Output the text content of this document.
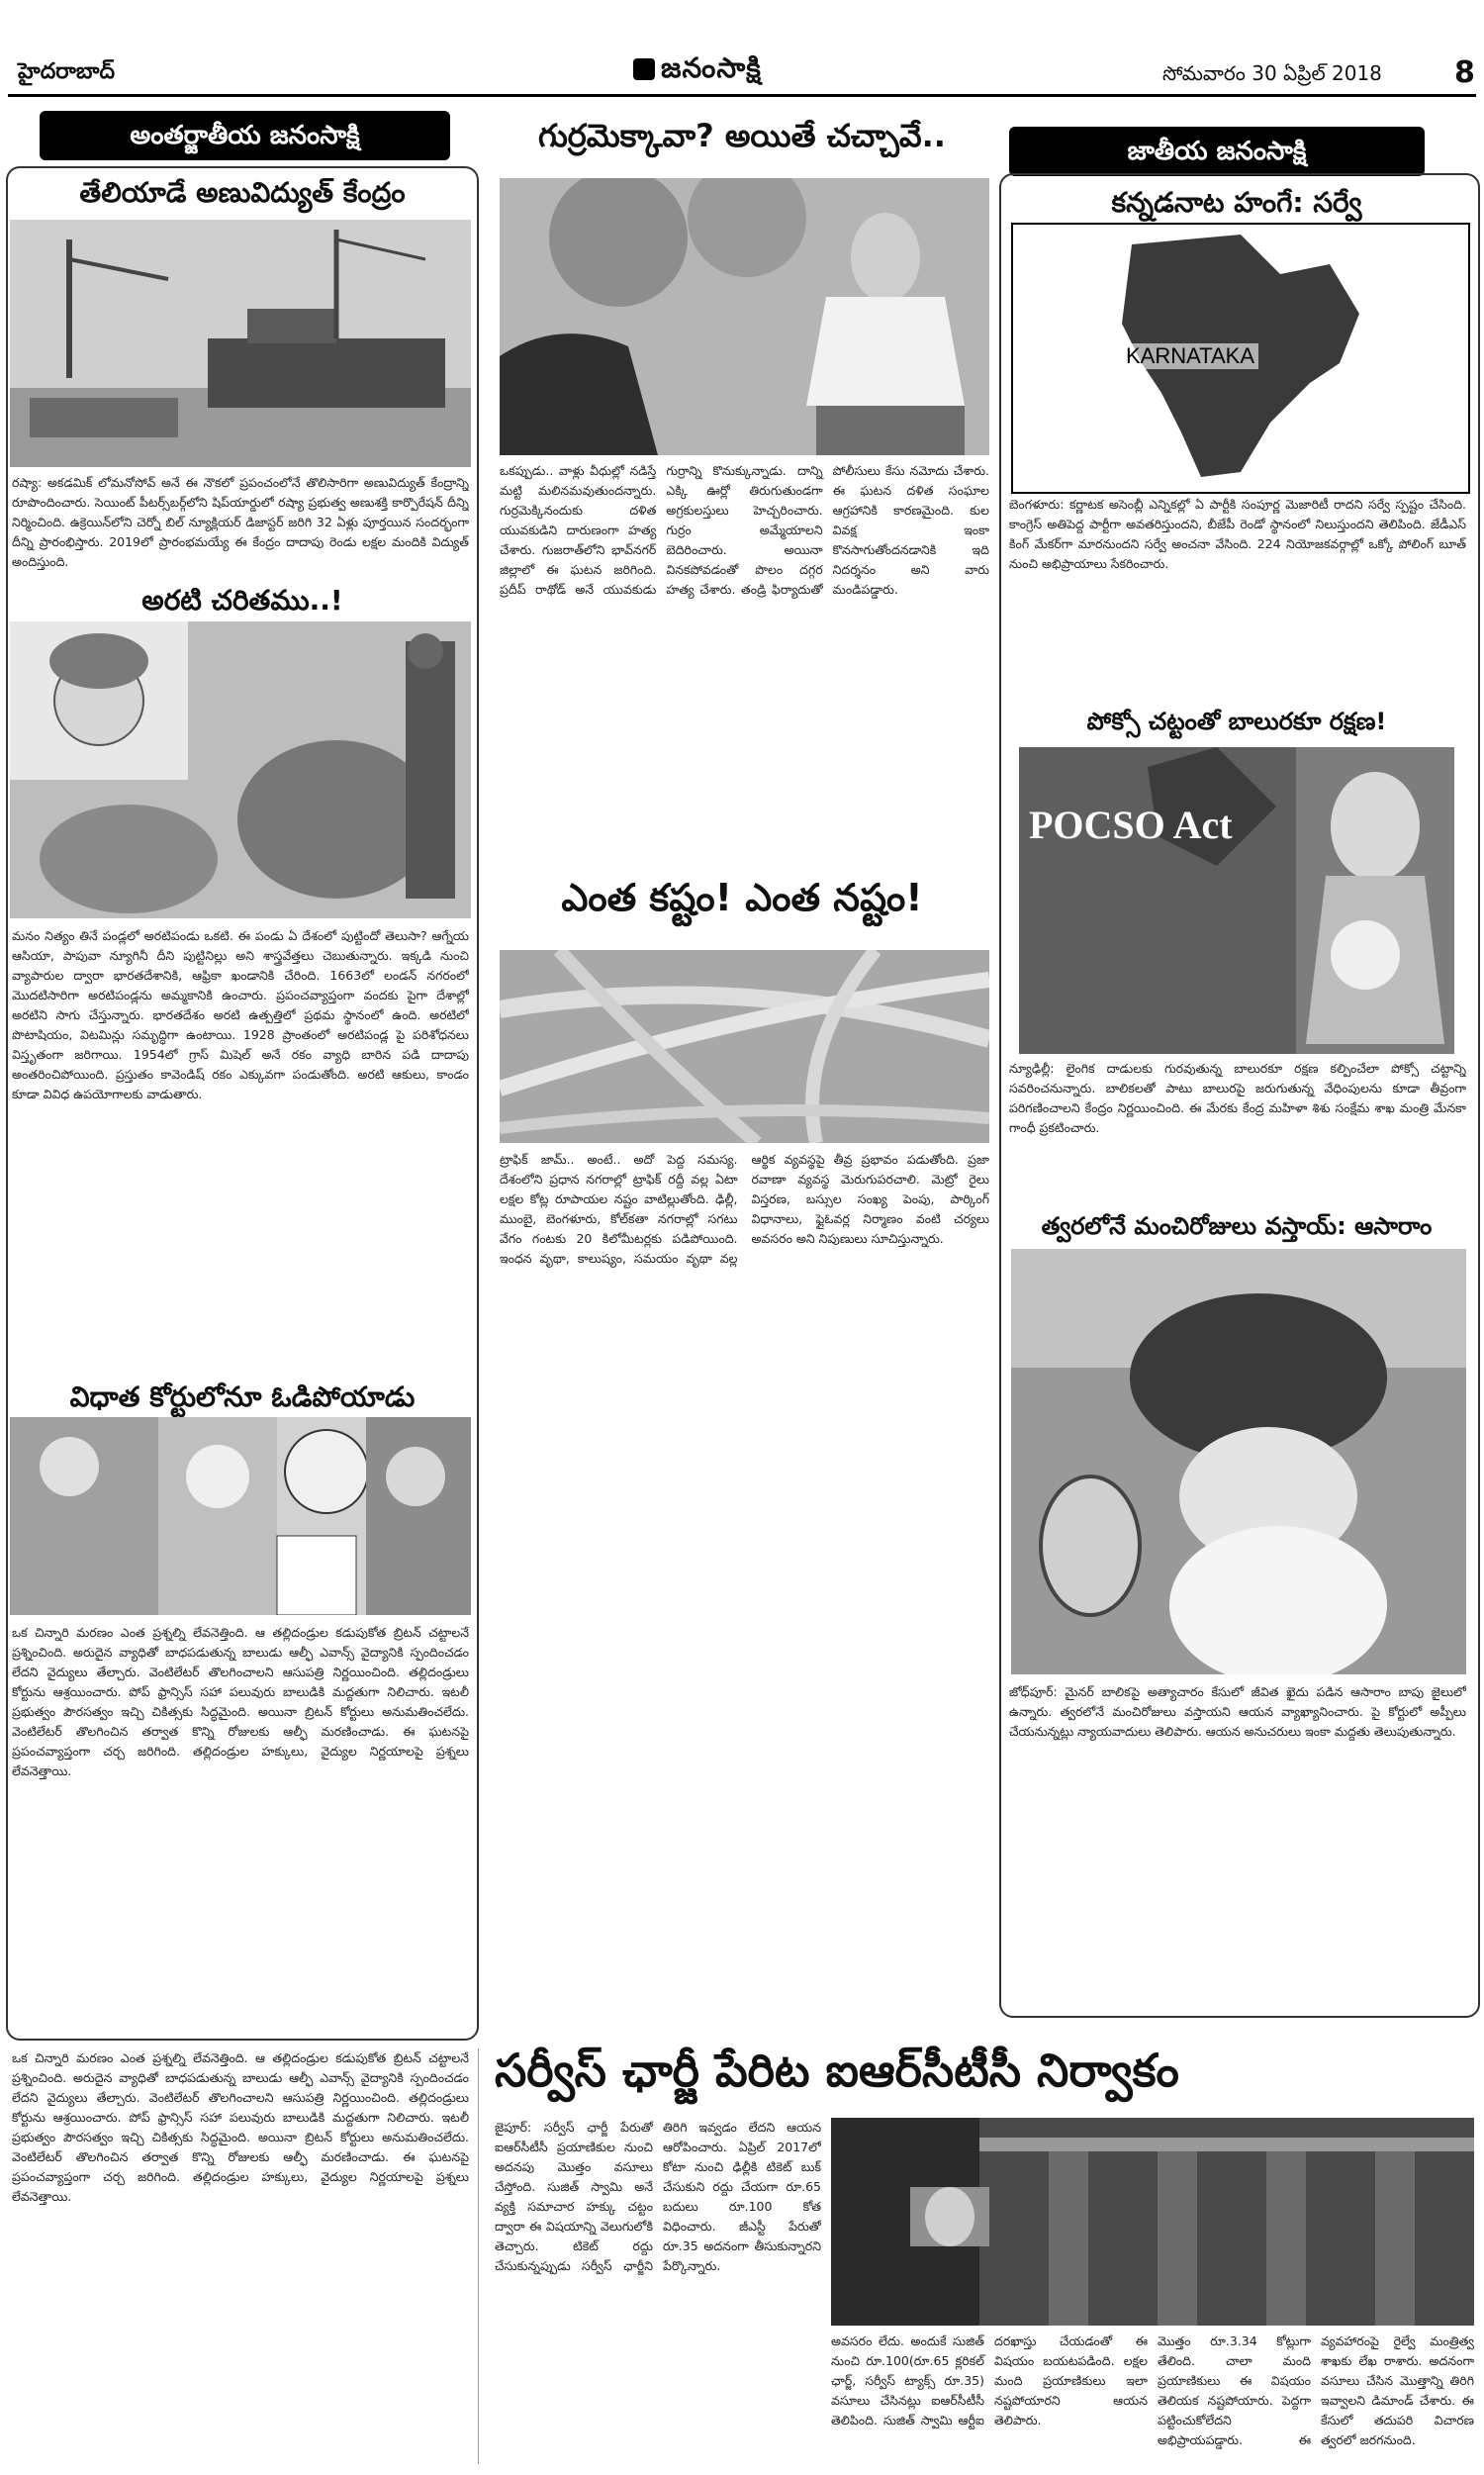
హైదరాబాద్	జనంసాక్షి	సోమవారం 30 ఏప్రిల్ 2018 8
అంతర్జాతీయ జనంసాక్షి
తేలియాడే అణువిద్యుత్ కేంద్రం
రష్యా: అకడమిక్ లోమనోసోవ్ అనే ఈ నౌకలో ప్రపంచంలోనే తొలిసారిగా అణువిద్యుత్ కేంద్రాన్ని రూపొందించారు. సెయింట్ పీటర్స్‌బర్గ్‌లోని షిప్‌యార్డులో రష్యా ప్రభుత్వ అణుశక్తి కార్పొరేషన్ దీన్ని నిర్మించింది. ఉక్రెయిన్‌లోని చెర్నో బిల్ న్యూక్లియర్ డిజాస్టర్ జరిగి 32 ఏళ్లు పూర్తయిన సందర్భంగా దీన్ని ప్రారంభిస్తారు. 2019లో ప్రారంభమయ్యే ఈ కేంద్రం దాదాపు రెండు లక్షల మందికి విద్యుత్ అందిస్తుంది.
అరటి చరితము..!
మనం నిత్యం తినే పండ్లలో అరటిపండు ఒకటి. ఈ పండు ఏ దేశంలో పుట్టిందో తెలుసా? ఆగ్నేయ ఆసియా, పాపువా న్యూగినీ దీని పుట్టినిల్లు అని శాస్త్రవేత్తలు చెబుతున్నారు. ఇక్కడి నుంచి వ్యాపారుల ద్వారా భారతదేశానికి, ఆఫ్రికా ఖండానికి చేరింది. 1663లో లండన్ నగరంలో మొదటిసారిగా అరటిపండ్లను అమ్మకానికి ఉంచారు. ప్రపంచవ్యాప్తంగా వందకు పైగా దేశాల్లో అరటిని సాగు చేస్తున్నారు. భారతదేశం అరటి ఉత్పత్తిలో ప్రథమ స్థానంలో ఉంది. అరటిలో పొటాషియం, విటమిన్లు సమృద్ధిగా ఉంటాయి. 1928 ప్రాంతంలో అరటిపండ్ల పై పరిశోధనలు విస్తృతంగా జరిగాయి. 1954లో గ్రాస్ మిషెల్ అనే రకం వ్యాధి బారిన పడి దాదాపు అంతరించిపోయింది. ప్రస్తుతం కావెండిష్ రకం ఎక్కువగా పండుతోంది. అరటి ఆకులు, కాండం కూడా వివిధ ఉపయోగాలకు వాడుతారు.
విధాత కోర్టులోనూ ఓడిపోయాడు
ఒక చిన్నారి మరణం ఎంత ప్రశ్నల్ని లేవనెత్తింది. ఆ తల్లిదండ్రుల కడుపుకోత బ్రిటన్ చట్టాలనే ప్రశ్నించింది. అరుదైన వ్యాధితో బాధపడుతున్న బాలుడు ఆల్ఫీ ఎవాన్స్ వైద్యానికి స్పందించడం లేదని వైద్యులు తేల్చారు. వెంటిలేటర్ తొలగించాలని ఆసుపత్రి నిర్ణయించింది. తల్లిదండ్రులు కోర్టును ఆశ్రయించారు. పోప్ ఫ్రాన్సిస్ సహా పలువురు బాలుడికి మద్దతుగా నిలిచారు. ఇటలీ ప్రభుత్వం పౌరసత్వం ఇచ్చి చికిత్సకు సిద్ధమైంది. అయినా బ్రిటన్ కోర్టులు అనుమతించలేదు. వెంటిలేటర్ తొలగించిన తర్వాత కొన్ని రోజులకు ఆల్ఫీ మరణించాడు. ఈ ఘటనపై ప్రపంచవ్యాప్తంగా చర్చ జరిగింది. తల్లిదండ్రుల హక్కులు, వైద్యుల నిర్ణయాలపై ప్రశ్నలు లేవనెత్తాయి.
ఒక చిన్నారి మరణం ఎంత ప్రశ్నల్ని లేవనెత్తింది. ఆ తల్లిదండ్రుల కడుపుకోత బ్రిటన్ చట్టాలనే ప్రశ్నించింది. అరుదైన వ్యాధితో బాధపడుతున్న బాలుడు ఆల్ఫీ ఎవాన్స్ వైద్యానికి స్పందించడం లేదని వైద్యులు తేల్చారు. వెంటిలేటర్ తొలగించాలని ఆసుపత్రి నిర్ణయించింది. తల్లిదండ్రులు కోర్టును ఆశ్రయించారు. పోప్ ఫ్రాన్సిస్ సహా పలువురు బాలుడికి మద్దతుగా నిలిచారు. ఇటలీ ప్రభుత్వం పౌరసత్వం ఇచ్చి చికిత్సకు సిద్ధమైంది. అయినా బ్రిటన్ కోర్టులు అనుమతించలేదు. వెంటిలేటర్ తొలగించిన తర్వాత కొన్ని రోజులకు ఆల్ఫీ మరణించాడు. ఈ ఘటనపై ప్రపంచవ్యాప్తంగా చర్చ జరిగింది. తల్లిదండ్రుల హక్కులు, వైద్యుల నిర్ణయాలపై ప్రశ్నలు లేవనెత్తాయి.
గుర్రమెక్కావా? అయితే చచ్చావే..
ఒకప్పుడు.. వాళ్లు వీధుల్లో నడిస్తే మట్టి మలినమవుతుందన్నారు. గుర్రమెక్కినందుకు దళిత యువకుడిని దారుణంగా హత్య చేశారు. గుజరాత్‌లోని భావ్‌నగర్ జిల్లాలో ఈ ఘటన జరిగింది. ప్రదీప్ రాథోడ్ అనే యువకుడు గుర్రాన్ని కొనుక్కున్నాడు. దాన్ని ఎక్కి ఊర్లో తిరుగుతుండగా అగ్రకులస్తులు హెచ్చరించారు. గుర్రం అమ్మేయాలని బెదిరించారు. అయినా వినకపోవడంతో పొలం దగ్గర హత్య చేశారు. తండ్రి ఫిర్యాదుతో పోలీసులు కేసు నమోదు చేశారు. ఈ ఘటన దళిత సంఘాల ఆగ్రహానికి కారణమైంది. కుల వివక్ష ఇంకా కొనసాగుతోందనడానికి ఇది నిదర్శనం అని వారు మండిపడ్డారు.
ఎంత కష్టం! ఎంత నష్టం!
ట్రాఫిక్ జామ్.. అంటే.. అదో పెద్ద సమస్య. దేశంలోని ప్రధాన నగరాల్లో ట్రాఫిక్ రద్దీ వల్ల ఏటా లక్షల కోట్ల రూపాయల నష్టం వాటిల్లుతోంది. ఢిల్లీ, ముంబై, బెంగళూరు, కోల్‌కతా నగరాల్లో సగటు వేగం గంటకు 20 కిలోమీటర్లకు పడిపోయింది. ఇంధన వృథా, కాలుష్యం, సమయం వృథా వల్ల ఆర్థిక వ్యవస్థపై తీవ్ర ప్రభావం పడుతోంది. ప్రజా రవాణా వ్యవస్థ మెరుగుపరచాలి. మెట్రో రైలు విస్తరణ, బస్సుల సంఖ్య పెంపు, పార్కింగ్ విధానాలు, ఫ్లైఓవర్ల నిర్మాణం వంటి చర్యలు అవసరం అని నిపుణులు సూచిస్తున్నారు.
జాతీయ జనంసాక్షి
కన్నడనాట హంగే: సర్వే
KARNATAKA
బెంగళూరు: కర్ణాటక అసెంబ్లీ ఎన్నికల్లో ఏ పార్టీకి సంపూర్ణ మెజారిటీ రాదని సర్వే స్పష్టం చేసింది. కాంగ్రెస్ అతిపెద్ద పార్టీగా అవతరిస్తుందని, బీజేపీ రెండో స్థానంలో నిలుస్తుందని తెలిపింది. జేడీఎస్ కింగ్ మేకర్‌గా మారనుందని సర్వే అంచనా వేసింది. 224 నియోజకవర్గాల్లో ఒక్కో పోలింగ్ బూత్ నుంచి అభిప్రాయాలు సేకరించారు.
పోక్సో చట్టంతో బాలురకూ రక్షణ!
POCSO Act
న్యూఢిల్లీ: లైంగిక దాడులకు గురవుతున్న బాలురకూ రక్షణ కల్పించేలా పోక్సో చట్టాన్ని సవరించనున్నారు. బాలికలతో పాటు బాలురపై జరుగుతున్న వేధింపులను కూడా తీవ్రంగా పరిగణించాలని కేంద్రం నిర్ణయించింది. ఈ మేరకు కేంద్ర మహిళా శిశు సంక్షేమ శాఖ మంత్రి మేనకా గాంధీ ప్రకటించారు.
త్వరలోనే మంచిరోజులు వస్తాయ్: ఆసారాం
జోధ్‌పూర్: మైనర్ బాలికపై అత్యాచారం కేసులో జీవిత ఖైదు పడిన ఆసారాం బాపు జైలులో ఉన్నారు. త్వరలోనే మంచిరోజులు వస్తాయని ఆయన వ్యాఖ్యానించారు. పై కోర్టులో అప్పీలు చేయనున్నట్లు న్యాయవాదులు తెలిపారు. ఆయన అనుచరులు ఇంకా మద్దతు తెలుపుతున్నారు.
సర్వీస్ ఛార్జీ పేరిట ఐఆర్‌సీటీసీ నిర్వాకం
జైపూర్: సర్వీస్ ఛార్జీ పేరుతో ఐఆర్‌సీటీసీ ప్రయాణికుల నుంచి అదనపు మొత్తం వసూలు చేస్తోంది. సుజిత్ స్వామి అనే వ్యక్తి సమాచార హక్కు చట్టం ద్వారా ఈ విషయాన్ని వెలుగులోకి తెచ్చారు. టికెట్ రద్దు చేసుకున్నప్పుడు సర్వీస్ ఛార్జీని తిరిగి ఇవ్వడం లేదని ఆయన ఆరోపించారు. ఏప్రిల్ 2017లో కోటా నుంచి ఢిల్లీకి టికెట్ బుక్ చేసుకుని రద్దు చేయగా రూ.65 బదులు రూ.100 కోత విధించారు. జీఎస్టీ పేరుతో రూ.35 అదనంగా తీసుకున్నారని పేర్కొన్నారు.
అవసరం లేదు. అందుకే సుజిత్ నుంచి రూ.100(రూ.65 క్లరికల్ ఛార్జ్‌, సర్వీస్ ట్యాక్స్ రూ.35) వసూలు చేసినట్లు ఐఆర్‌సీటీసీ తెలిపింది. సుజిత్‌ స్వామి ఆర్టీఐ దరఖాస్తు చేయడంతో ఈ విషయం బయటపడింది. లక్షల మంది ప్రయాణికులు ఇలా నష్టపోయారని ఆయన తెలిపారు.
మొత్తం రూ.3.34 కోట్లుగా తేలింది. చాలా మంది ప్రయాణికులు ఈ విషయం తెలియక నష్టపోయారు. పెద్దగా పట్టించుకోలేదని అభిప్రాయపడ్డారు. ఈ వ్యవహారంపై రైల్వే మంత్రిత్వ శాఖకు లేఖ రాశారు. అదనంగా వసూలు చేసిన మొత్తాన్ని తిరిగి ఇవ్వాలని డిమాండ్ చేశారు. ఈ కేసులో తదుపరి విచారణ త్వరలో జరగనుంది.
